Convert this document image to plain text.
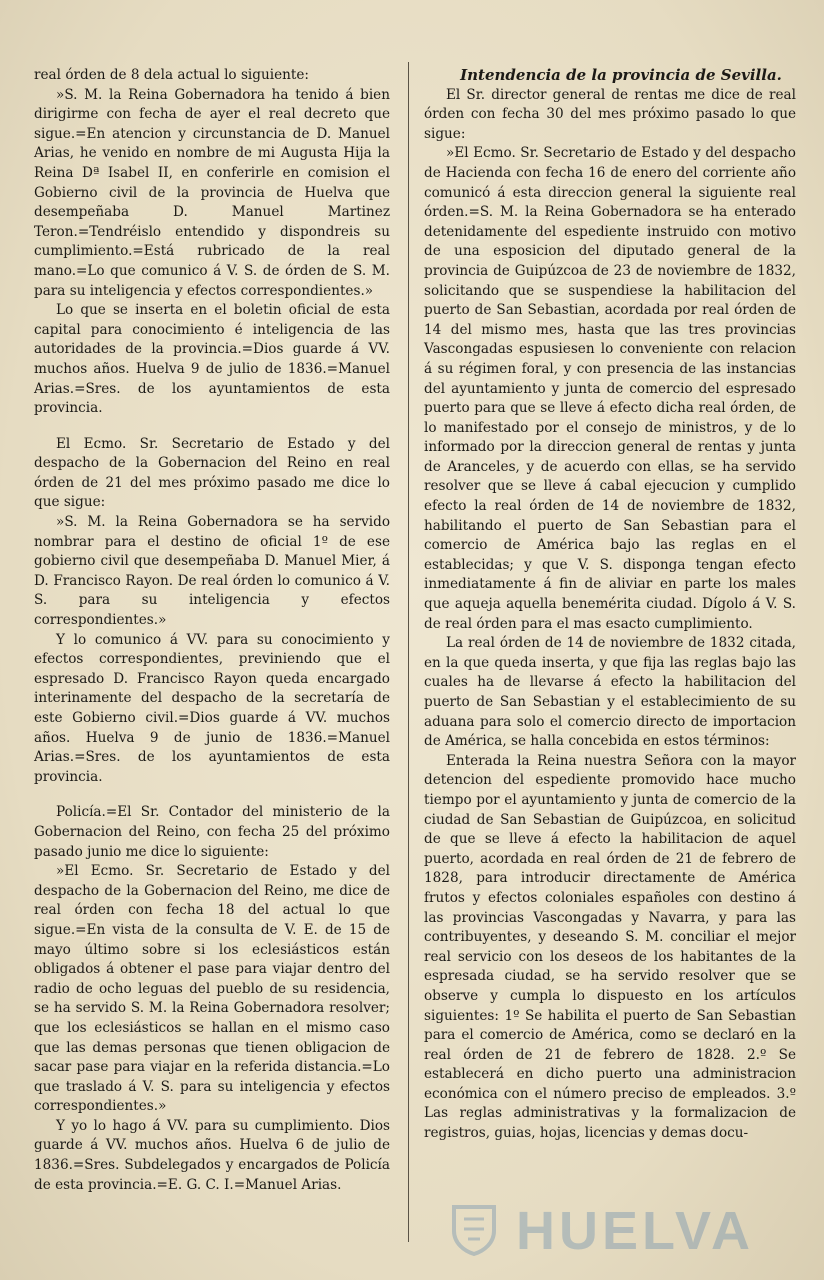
real órden de 8 dela actual lo siguiente:

»S. M. la Reina Gobernadora ha tenido á bien dirigirme con fecha de ayer el real decreto que sigue.=En atencion y circunstancia de D. Manuel Arias, he venido en nombre de mi Augusta Hija la Reina Dª Isabel II, en conferirle en comision el Gobierno civil de la provincia de Huelva que desempeñaba D. Manuel Martinez Teron.=Tendréislo entendido y dispondreis su cumplimiento.=Está rubricado de la real mano.=Lo que comunico á V. S. de órden de S. M. para su inteligencia y efectos correspondientes.»

Lo que se inserta en el boletin oficial de esta capital para conocimiento é inteligencia de las autoridades de la provincia.=Dios guarde á VV. muchos años. Huelva 9 de julio de 1836.=Manuel Arias.=Sres. de los ayuntamientos de esta provincia.

El Ecmo. Sr. Secretario de Estado y del despacho de la Gobernacion del Reino en real órden de 21 del mes próximo pasado me dice lo que sigue:

»S. M. la Reina Gobernadora se ha servido nombrar para el destino de oficial 1º de ese gobierno civil que desempeñaba D. Manuel Mier, á D. Francisco Rayon. De real órden lo comunico á V. S. para su inteligencia y efectos correspondientes.»

Y lo comunico á VV. para su conocimiento y efectos correspondientes, previniendo que el espresado D. Francisco Rayon queda encargado interinamente del despacho de la secretaría de este Gobierno civil.=Dios guarde á VV. muchos años. Huelva 9 de junio de 1836.=Manuel Arias.=Sres. de los ayuntamientos de esta provincia.

Policía.=El Sr. Contador del ministerio de la Gobernacion del Reino, con fecha 25 del próximo pasado junio me dice lo siguiente:

»El Ecmo. Sr. Secretario de Estado y del despacho de la Gobernacion del Reino, me dice de real órden con fecha 18 del actual lo que sigue.=En vista de la consulta de V. E. de 15 de mayo último sobre si los eclesiásticos están obligados á obtener el pase para viajar dentro del radio de ocho leguas del pueblo de su residencia, se ha servido S. M. la Reina Gobernadora resolver; que los eclesiásticos se hallan en el mismo caso que las demas personas que tienen obligacion de sacar pase para viajar en la referida distancia.=Lo que traslado á V. S. para su inteligencia y efectos correspondientes.»

Y yo lo hago á VV. para su cumplimiento. Dios guarde á VV. muchos años. Huelva 6 de julio de 1836.=Sres. Subdelegados y encargados de Policía de esta provincia.=E. G. C. I.=Manuel Arias.

Intendencia de la provincia de Sevilla.

El Sr. director general de rentas me dice de real órden con fecha 30 del mes próximo pasado lo que sigue:

»El Ecmo. Sr. Secretario de Estado y del despacho de Hacienda con fecha 16 de enero del corriente año comunicó á esta direccion general la siguiente real órden.=S. M. la Reina Gobernadora se ha enterado detenidamente del espediente instruido con motivo de una esposicion del diputado general de la provincia de Guipúzcoa de 23 de noviembre de 1832, solicitando que se suspendiese la habilitacion del puerto de San Sebastian, acordada por real órden de 14 del mismo mes, hasta que las tres provincias Vascongadas espusiesen lo conveniente con relacion á su régimen foral, y con presencia de las instancias del ayuntamiento y junta de comercio del espresado puerto para que se lleve á efecto dicha real órden, de lo manifestado por el consejo de ministros, y de lo informado por la direccion general de rentas y junta de Aranceles, y de acuerdo con ellas, se ha servido resolver que se lleve á cabal ejecucion y cumplido efecto la real órden de 14 de noviembre de 1832, habilitando el puerto de San Sebastian para el comercio de América bajo las reglas en el establecidas; y que V. S. disponga tengan efecto inmediatamente á fin de aliviar en parte los males que aqueja aquella benemérita ciudad. Dígolo á V. S. de real órden para el mas esacto cumplimiento.

La real órden de 14 de noviembre de 1832 citada, en la que queda inserta, y que fija las reglas bajo las cuales ha de llevarse á efecto la habilitacion del puerto de San Sebastian y el establecimiento de su aduana para solo el comercio directo de importacion de América, se halla concebida en estos términos:

Enterada la Reina nuestra Señora con la mayor detencion del espediente promovido hace mucho tiempo por el ayuntamiento y junta de comercio de la ciudad de San Sebastian de Guipúzcoa, en solicitud de que se lleve á efecto la habilitacion de aquel puerto, acordada en real órden de 21 de febrero de 1828, para introducir directamente de América frutos y efectos coloniales españoles con destino á las provincias Vascongadas y Navarra, y para las contribuyentes, y deseando S. M. conciliar el mejor real servicio con los deseos de los habitantes de la espresada ciudad, se ha servido resolver que se observe y cumpla lo dispuesto en los artículos siguientes: 1º Se habilita el puerto de San Sebastian para el comercio de América, como se declaró en la real órden de 21 de febrero de 1828. 2.º Se establecerá en dicho puerto una administracion económica con el número preciso de empleados. 3.º Las reglas administrativas y la formalizacion de registros, guias, hojas, licencias y demas docu-

HUELVA
